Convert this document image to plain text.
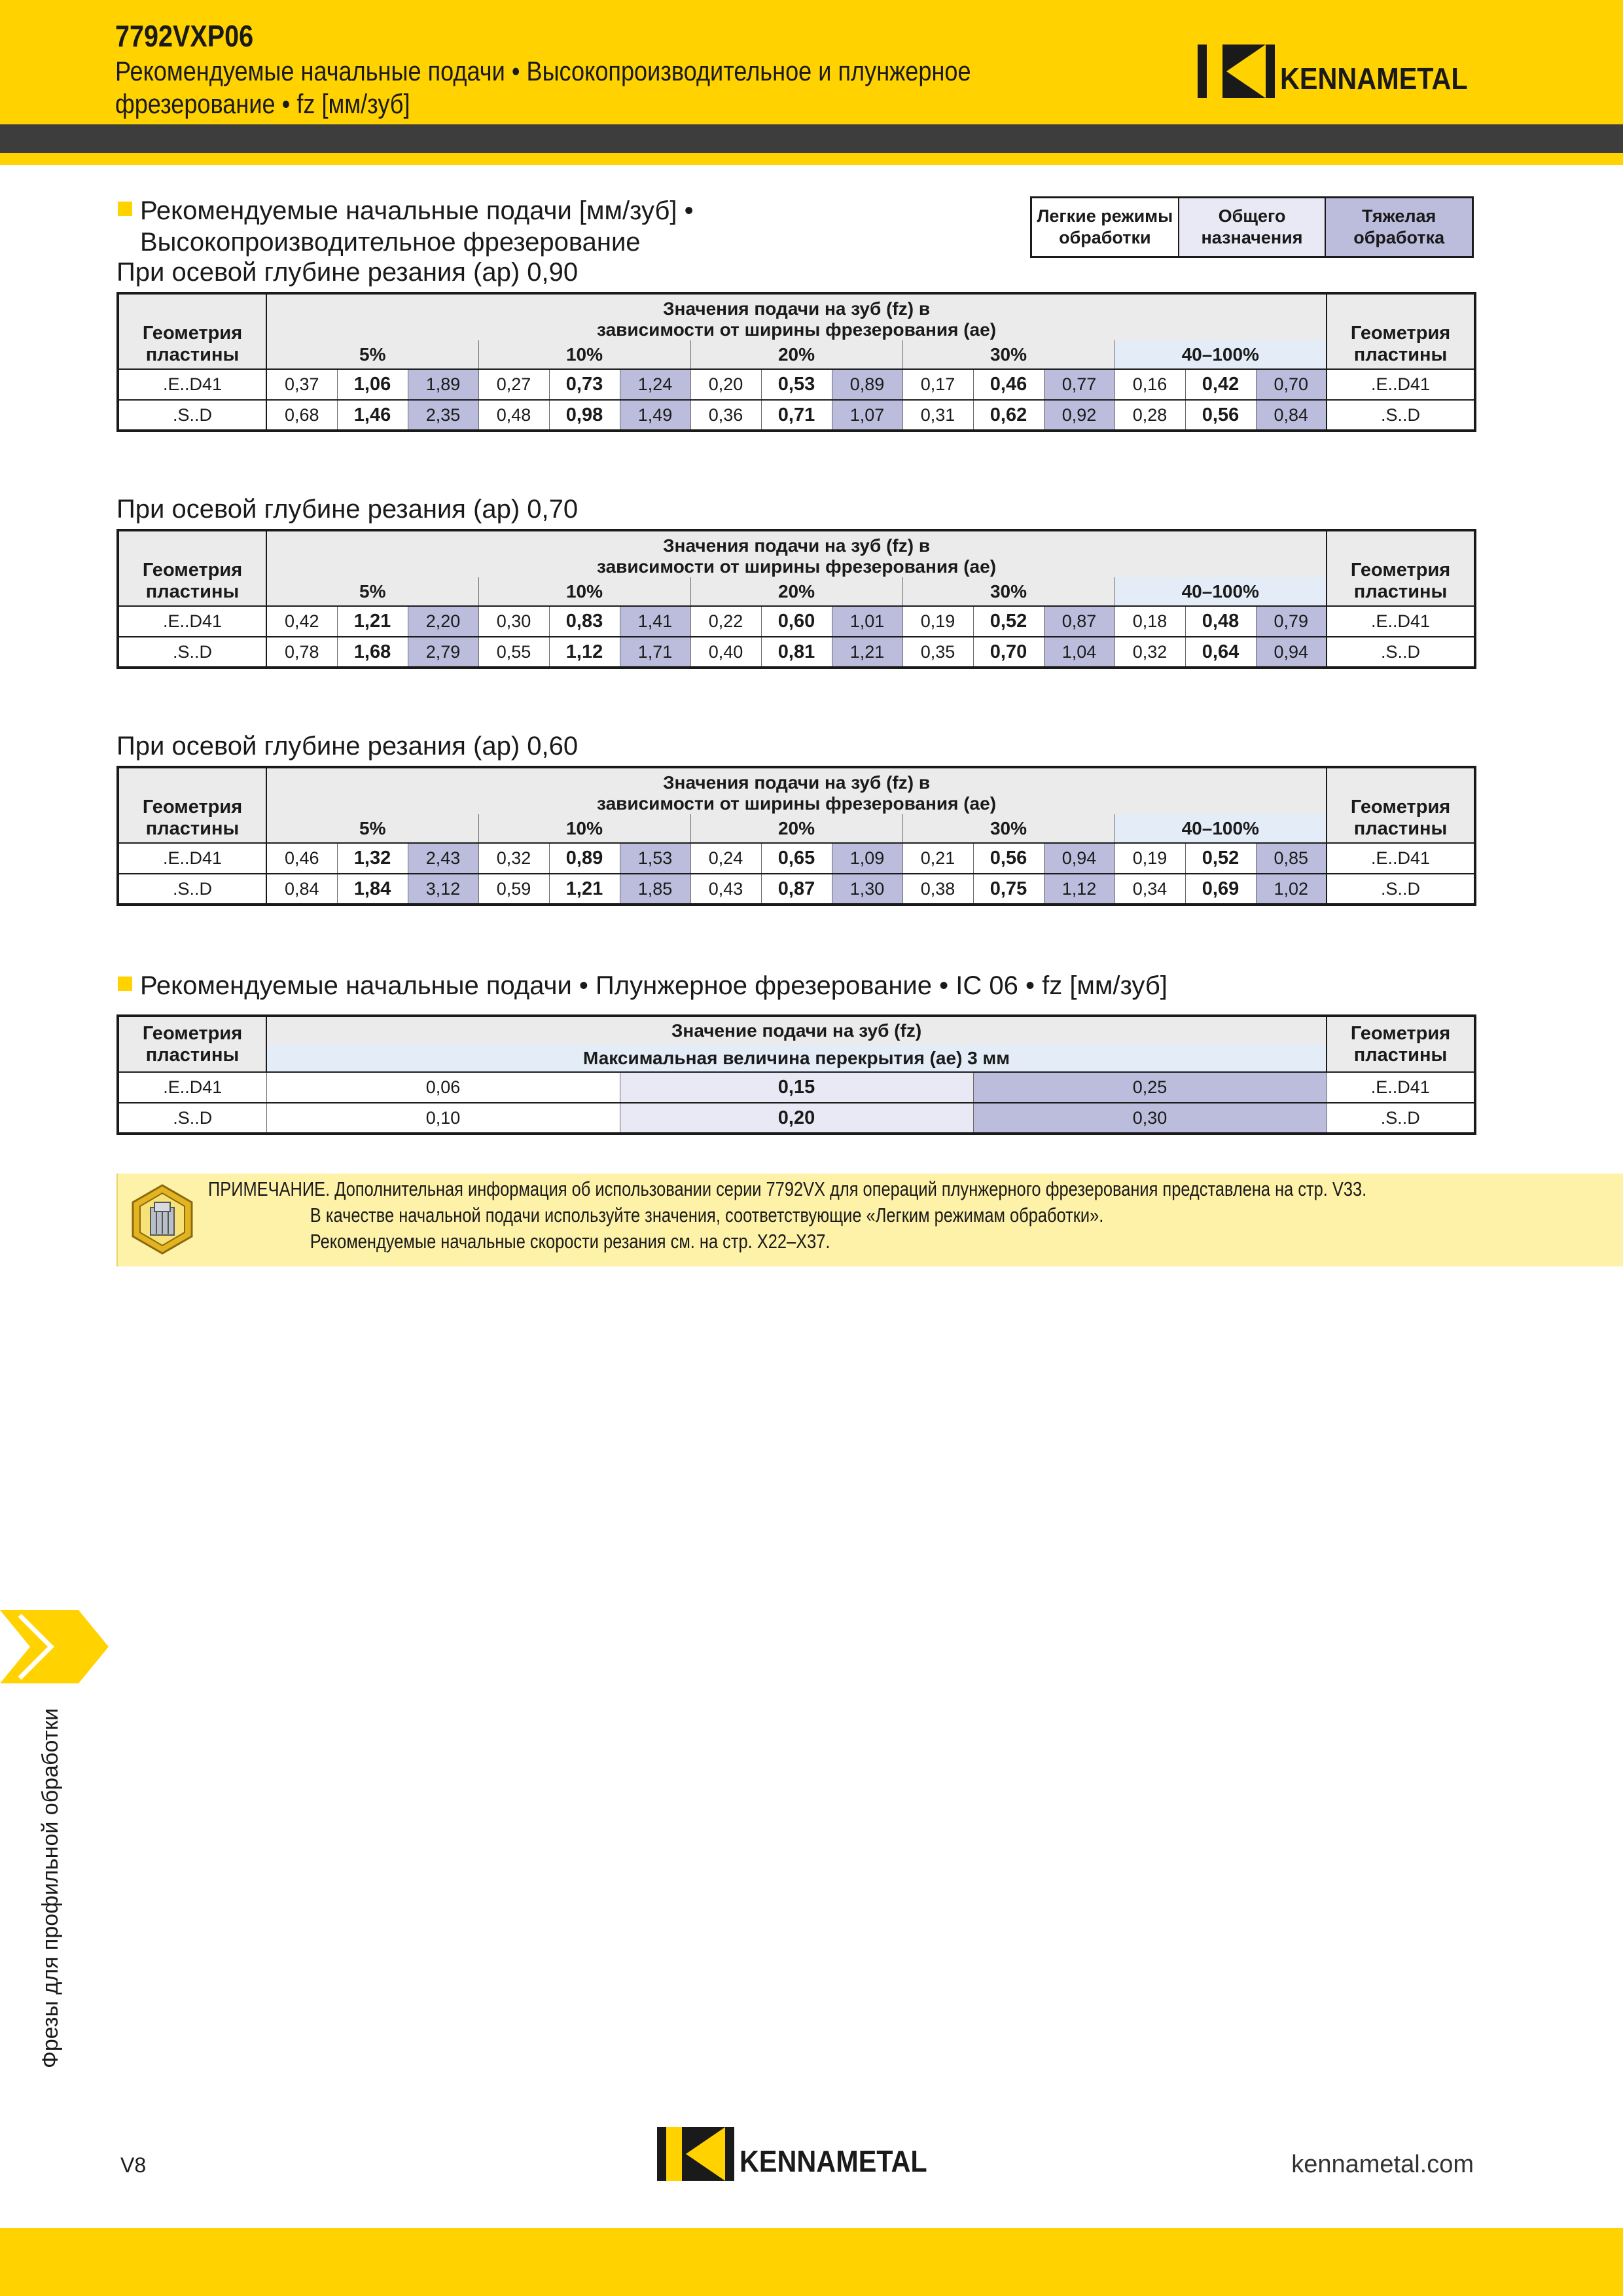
7792VXP06
Рекомендуемые начальные подачи • Высокопроизводительное и плунжерное
фрезерование • fz [мм/зуб]
KENNAMETAL
Рекомендуемые начальные подачи [мм/зуб] •
Высокопроизводительное фрезерование
Легкие режимы обработки
Общего назначения
Тяжелая обработка
При осевой глубине резания (ap) 0,90
Геометрия пластины	Значения подачи на зуб (fz) в
зависимости от ширины фрезерования (ae)															Геометрия пластины
	5%			10%			20%			30%			40–100%			
.E..D41	0,37	1,06	1,89	0,27	0,73	1,24	0,20	0,53	0,89	0,17	0,46	0,77	0,16	0,42	0,70	.E..D41
.S..D	0,68	1,46	2,35	0,48	0,98	1,49	0,36	0,71	1,07	0,31	0,62	0,92	0,28	0,56	0,84	.S..D
При осевой глубине резания (ap) 0,70
Геометрия пластины	Значения подачи на зуб (fz) в
зависимости от ширины фрезерования (ae)															Геометрия пластины
	5%			10%			20%			30%			40–100%			
.E..D41	0,42	1,21	2,20	0,30	0,83	1,41	0,22	0,60	1,01	0,19	0,52	0,87	0,18	0,48	0,79	.E..D41
.S..D	0,78	1,68	2,79	0,55	1,12	1,71	0,40	0,81	1,21	0,35	0,70	1,04	0,32	0,64	0,94	.S..D
При осевой глубине резания (ap) 0,60
Геометрия пластины	Значения подачи на зуб (fz) в
зависимости от ширины фрезерования (ae)															Геометрия пластины
	5%			10%			20%			30%			40–100%			
.E..D41	0,46	1,32	2,43	0,32	0,89	1,53	0,24	0,65	1,09	0,21	0,56	0,94	0,19	0,52	0,85	.E..D41
.S..D	0,84	1,84	3,12	0,59	1,21	1,85	0,43	0,87	1,30	0,38	0,75	1,12	0,34	0,69	1,02	.S..D
Рекомендуемые начальные подачи • Плунжерное фрезерование • IC 06 • fz [мм/зуб]
Геометрия пластины	Значение подачи на зуб (fz)			Геометрия пластины
	Максимальная величина перекрытия (ae) 3 мм			
.E..D41	0,06	0,15	0,25	.E..D41
.S..D	0,10	0,20	0,30	.S..D
ПРИМЕЧАНИЕ. Дополнительная информация об использовании серии 7792VX для операций плунжерного фрезерования представлена на стр. V33.
В качестве начальной подачи используйте значения, соответствующие «Легким режимам обработки».
Рекомендуемые начальные скорости резания см. на стр. X22–X37.
Фрезы для профильной обработки
V8	KENNAMETAL	kennametal.com
